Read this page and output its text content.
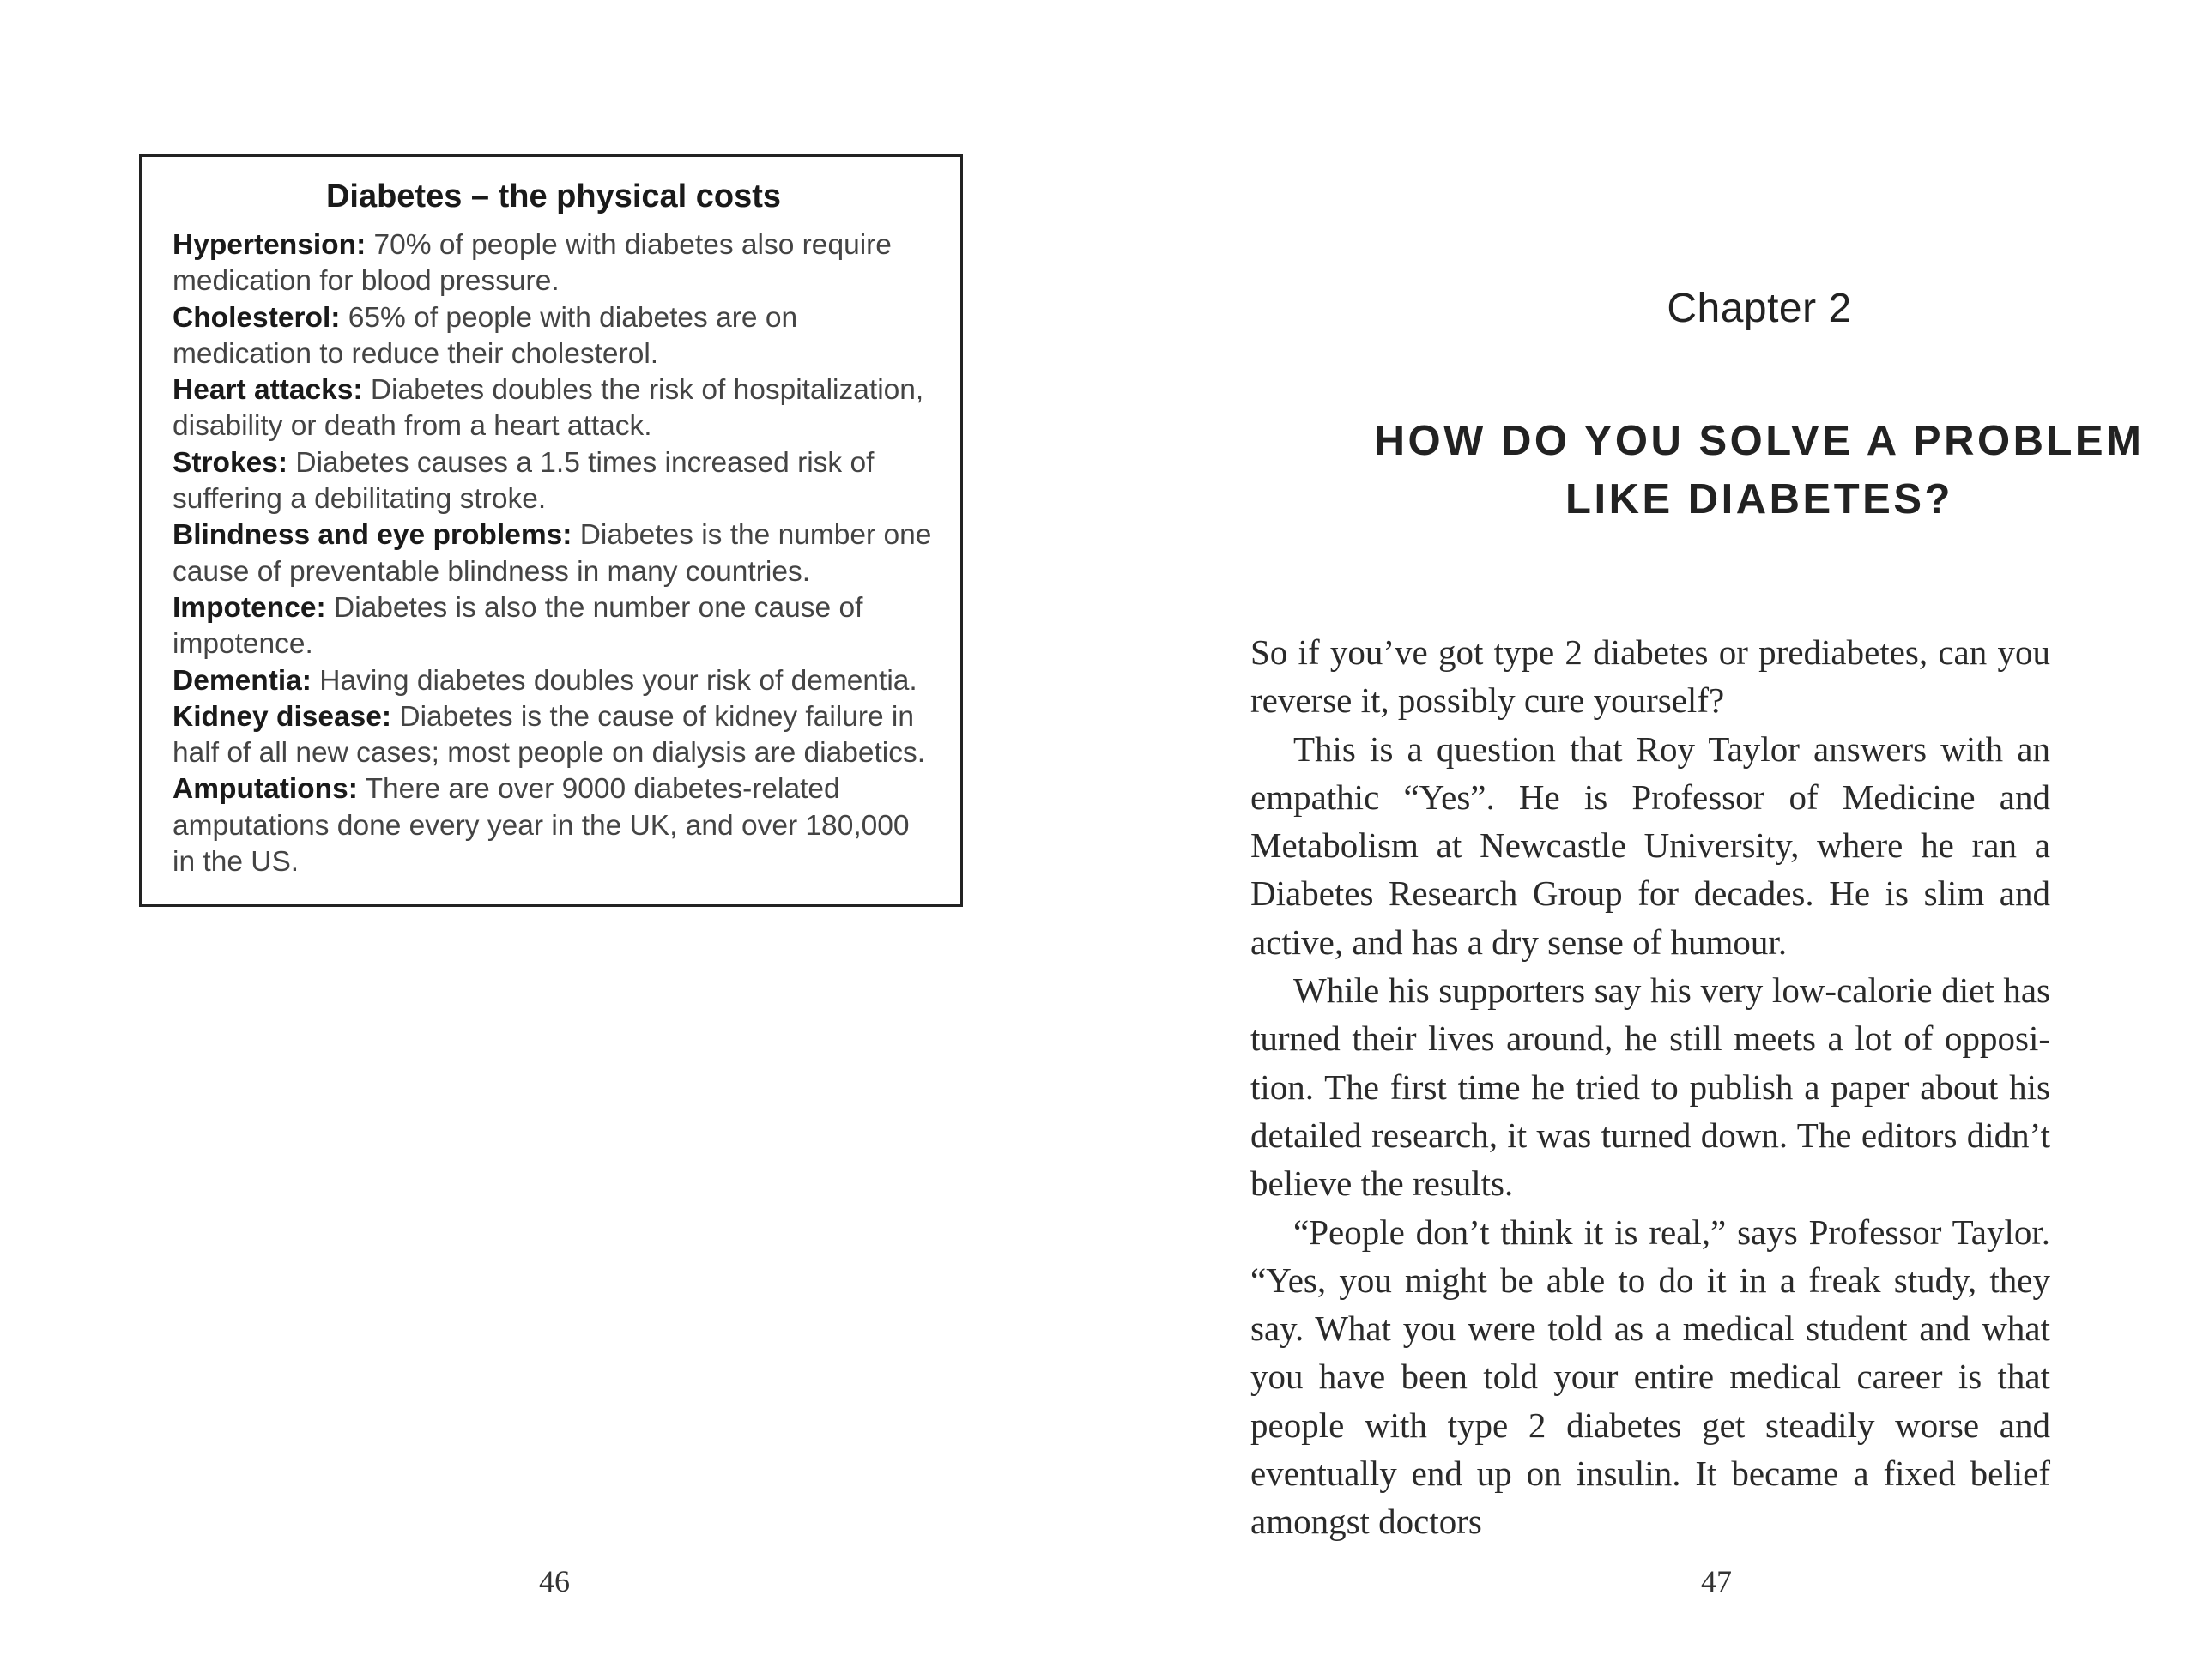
Diabetes – the physical costs

Hypertension: 70% of people with diabetes also require medication for blood pressure.

Cholesterol: 65% of people with diabetes are on medication to reduce their cholesterol.

Heart attacks: Diabetes doubles the risk of hospitalization, disability or death from a heart attack.

Strokes: Diabetes causes a 1.5 times increased risk of suffering a debilitating stroke.

Blindness and eye problems: Diabetes is the number one cause of preventable blindness in many countries.

Impotence: Diabetes is also the number one cause of impotence.

Dementia: Having diabetes doubles your risk of dementia.

Kidney disease: Diabetes is the cause of kidney failure in half of all new cases; most people on dialysis are diabetics.

Amputations: There are over 9000 diabetes-related amputations done every year in the UK, and over 180,000 in the US.

46
Chapter 2
HOW DO YOU SOLVE A PROBLEM
LIKE DIABETES?

So if you’ve got type 2 diabetes or prediabetes, can you reverse it, possibly cure yourself?

This is a question that Roy Taylor answers with an empathic “Yes”. He is Professor of Medicine and Metabolism at Newcastle University, where he ran a Diabetes Research Group for decades. He is slim and active, and has a dry sense of humour.

While his supporters say his very low-calorie diet has turned their lives around, he still meets a lot of opposi-tion. The first time he tried to publish a paper about his detailed research, it was turned down. The editors didn’t believe the results.

“People don’t think it is real,” says Professor Taylor. “Yes, you might be able to do it in a freak study, they say. What you were told as a medical student and what you have been told your entire medical career is that people with type 2 diabetes get steadily worse and eventually end up on insulin. It became a fixed belief amongst doctors

47
